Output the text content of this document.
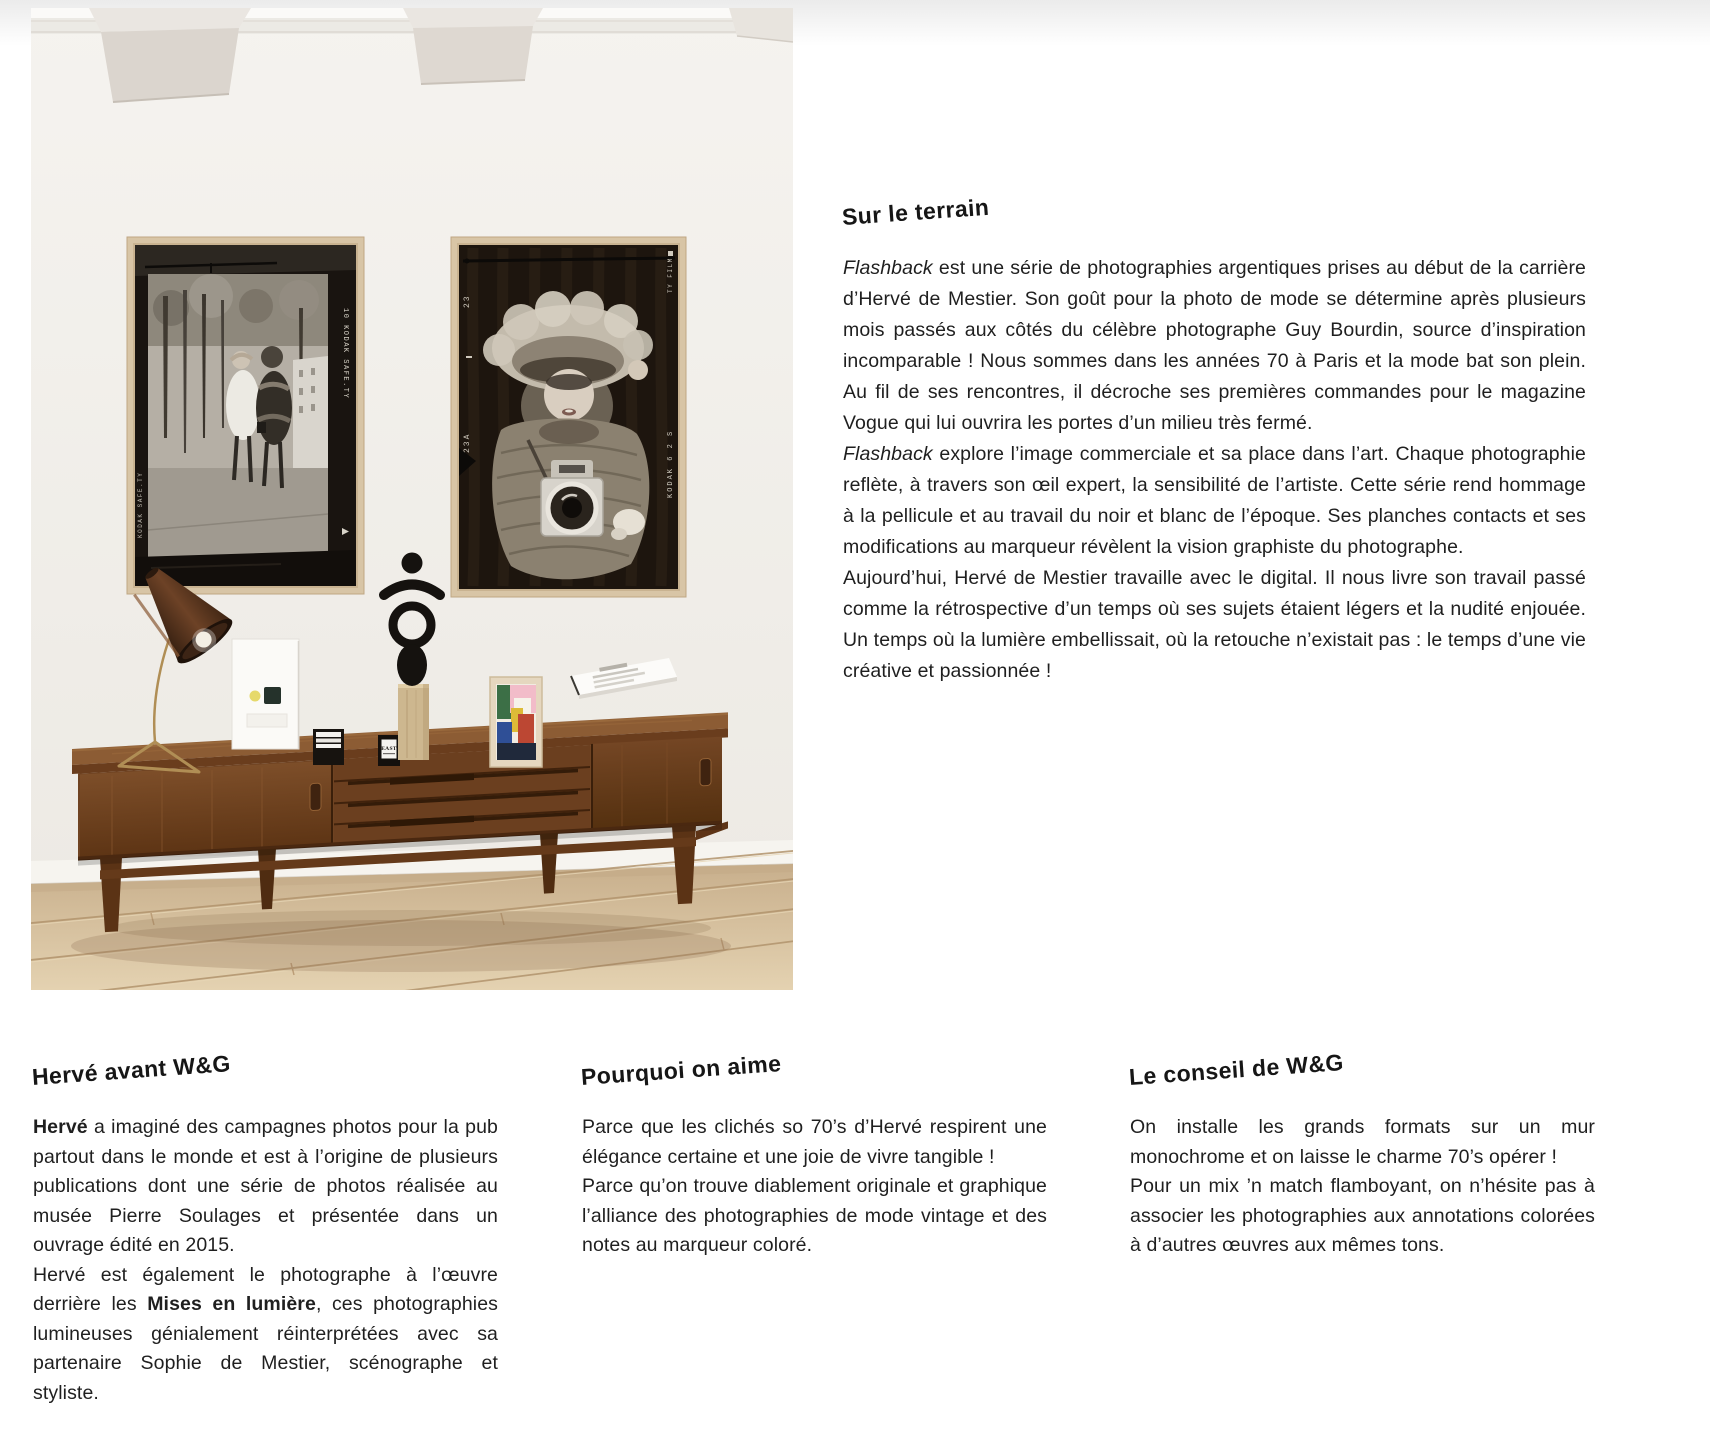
10 KODAK SAFE.TY
KODAK SAFE.TY
23
23A	KODAK 6 2 S
TY FILM
EAST
Sur le terrain

Flashback est une série de photographies argentiques prises au début de la carrière d’Hervé de Mestier. Son goût pour la photo de mode se détermine après plusieurs mois passés aux côtés du célèbre photographe Guy Bourdin, source d’inspiration incomparable ! Nous sommes dans les années 70 à Paris et la mode bat son plein. Au fil de ses rencontres, il décroche ses premières commandes pour le magazine Vogue qui lui ouvrira les portes d’un milieu très fermé.

Flashback explore l’image commerciale et sa place dans l’art. Chaque photographie reflète, à travers son œil expert, la sensibilité de l’artiste. Cette série rend hommage à la pellicule et au travail du noir et blanc de l’époque. Ses planches contacts et ses modifications au marqueur révèlent la vision graphiste du photographe.

Aujourd’hui, Hervé de Mestier travaille avec le digital. Il nous livre son travail passé comme la rétrospective d’un temps où ses sujets étaient légers et la nudité enjouée. Un temps où la lumière embellissait, où la retouche n’existait pas : le temps d’une vie créative et passionnée !

Hervé avant W&G

Hervé a imaginé des campagnes photos pour la pub partout dans le monde et est à l’origine de plusieurs publications dont une série de photos réalisée au musée Pierre Soulages et présentée dans un ouvrage édité en 2015.

Hervé est également le photographe à l’œuvre derrière les Mises en lumière, ces photographies lumineuses génialement réinterprétées avec sa partenaire Sophie de Mestier, scénographe et styliste.

Pourquoi on aime

Parce que les clichés so 70’s d’Hervé respirent une élégance certaine et une joie de vivre tangible !

Parce qu’on trouve diablement originale et graphique l’alliance des photographies de mode vintage et des notes au marqueur coloré.

Le conseil de W&G

On installe les grands formats sur un mur monochrome et on laisse le charme 70’s opérer !

Pour un mix ’n match flamboyant, on n’hésite pas à associer les photographies aux annotations colorées à d’autres œuvres aux mêmes tons.
